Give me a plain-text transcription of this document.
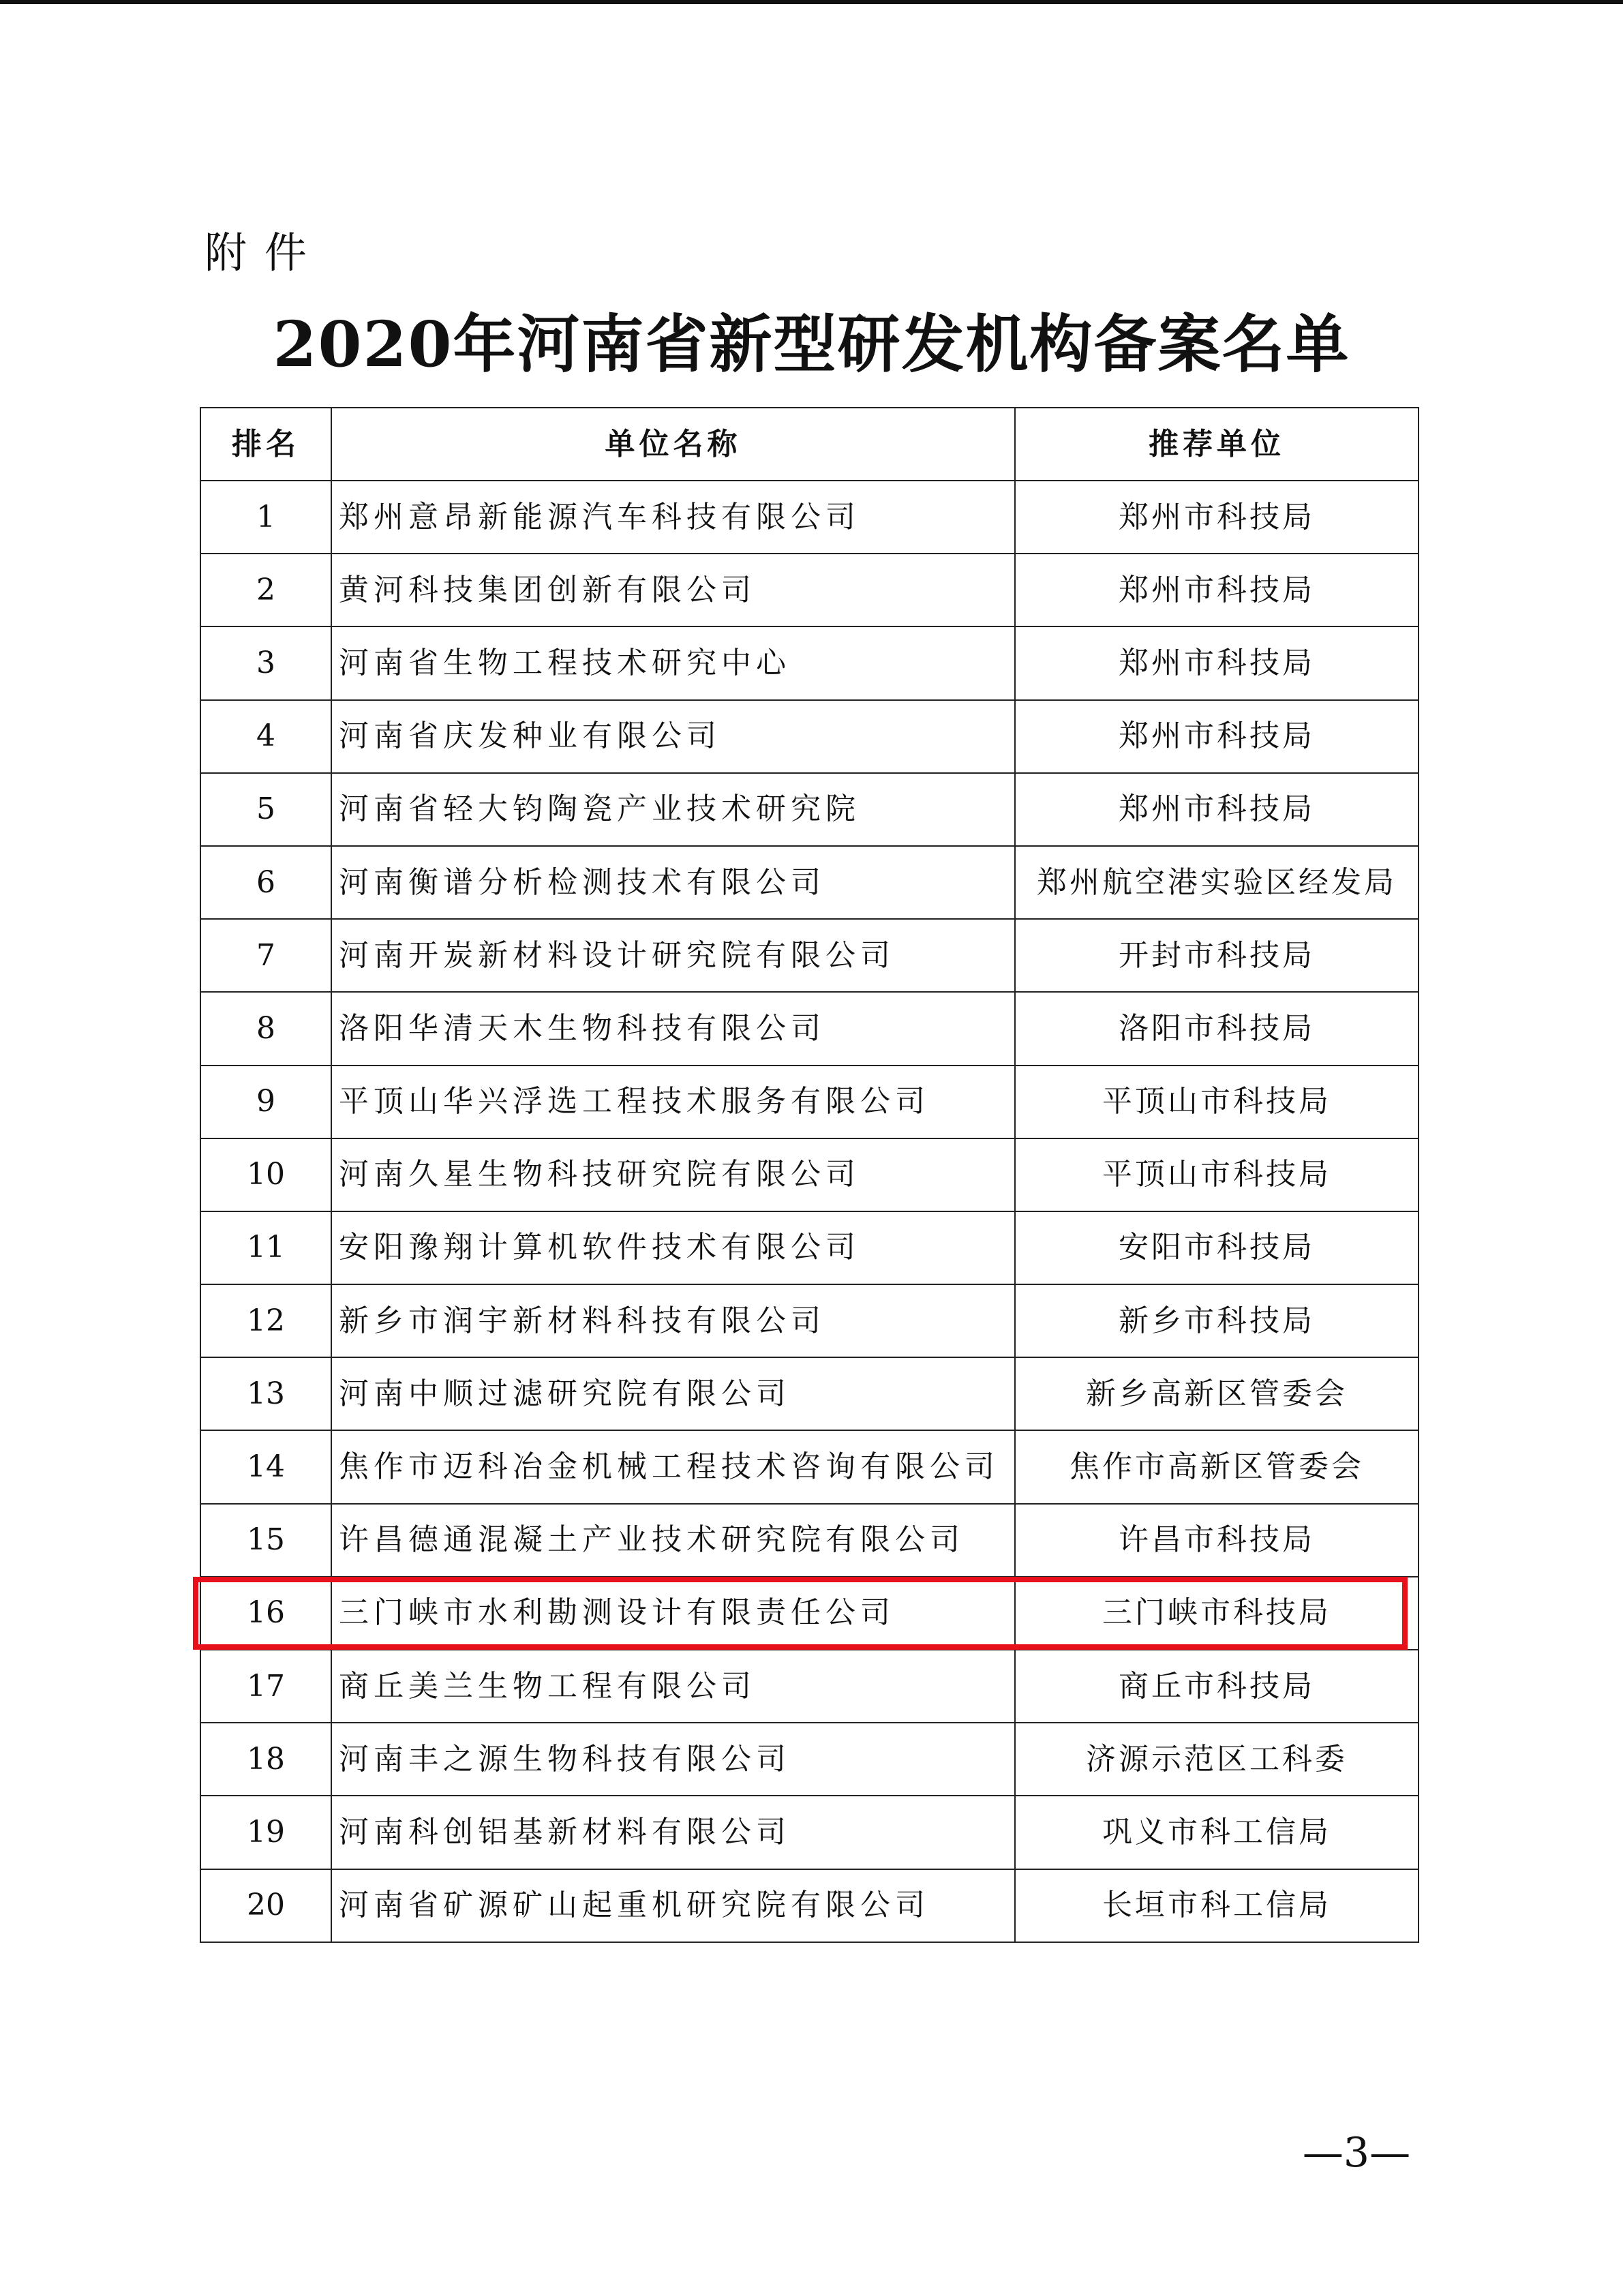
附件
2020年河南省新型研发机构备案名单
排名	单位名称	推荐单位
1	郑州意昂新能源汽车科技有限公司	郑州市科技局
2	黄河科技集团创新有限公司	郑州市科技局
3	河南省生物工程技术研究中心	郑州市科技局
4	河南省庆发种业有限公司	郑州市科技局
5	河南省轻大钧陶瓷产业技术研究院	郑州市科技局
6	河南衡谱分析检测技术有限公司	郑州航空港实验区经发局
7	河南开炭新材料设计研究院有限公司	开封市科技局
8	洛阳华清天木生物科技有限公司	洛阳市科技局
9	平顶山华兴浮选工程技术服务有限公司	平顶山市科技局
10	河南久星生物科技研究院有限公司	平顶山市科技局
11	安阳豫翔计算机软件技术有限公司	安阳市科技局
12	新乡市润宇新材料科技有限公司	新乡市科技局
13	河南中顺过滤研究院有限公司	新乡高新区管委会
14	焦作市迈科冶金机械工程技术咨询有限公司	焦作市高新区管委会
15	许昌德通混凝土产业技术研究院有限公司	许昌市科技局
16	三门峡市水利勘测设计有限责任公司	三门峡市科技局
17	商丘美兰生物工程有限公司	商丘市科技局
18	河南丰之源生物科技有限公司	济源示范区工科委
19	河南科创铝基新材料有限公司	巩义市科工信局
20	河南省矿源矿山起重机研究院有限公司	长垣市科工信局
—3—
